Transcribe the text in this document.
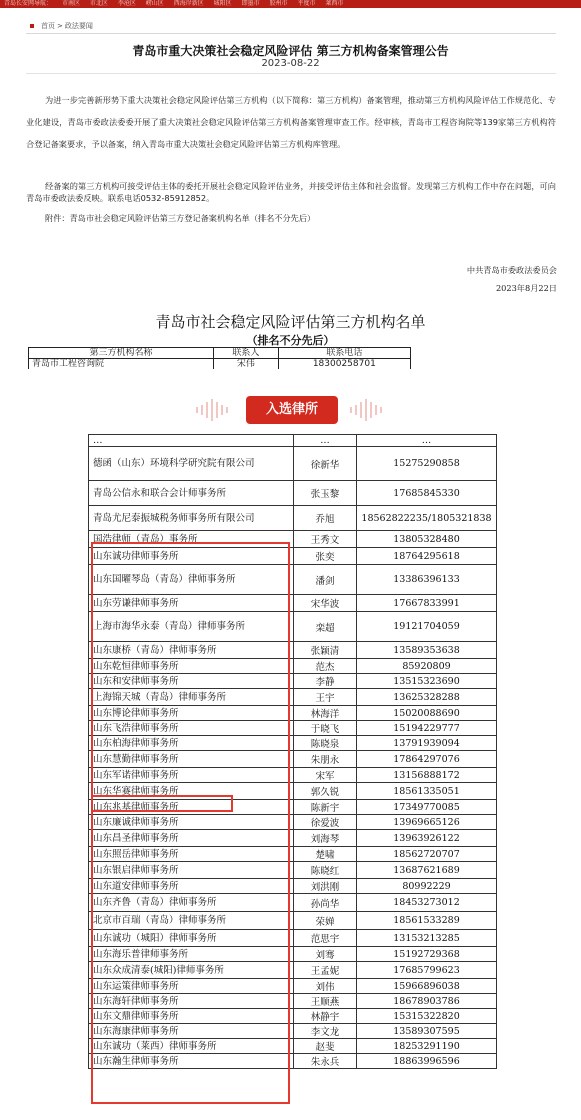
青岛长安网导航： 市南区 市北区 李沧区 崂山区 西海岸新区 城阳区 即墨市 胶州市 平度市 莱西市
首页 > 政法要闻
青岛市重大决策社会稳定风险评估 第三方机构备案管理公告
2023-08-22

为进一步完善新形势下重大决策社会稳定风险评估第三方机构（以下简称：第三方机构）备案管理，推动第三方机构风险评估工作规范化、专业化建设，青岛市委政法委委开展了重大决策社会稳定风险评估第三方机构备案管理审查工作。经审核，青岛市工程咨询院等139家第三方机构符合登记备案要求，予以备案，纳入青岛市重大决策社会稳定风险评估第三方机构库管理。

经备案的第三方机构可接受评估主体的委托开展社会稳定风险评估业务，并接受评估主体和社会监督。发现第三方机构工作中存在问题，可向青岛市委政法委反映。联系电话0532-85912852。

附件：青岛市社会稳定风险评估第三方登记备案机构名单（排名不分先后）

中共青岛市委政法委员会
2023年8月22日
青岛市社会稳定风险评估第三方机构名单
（排名不分先后）
第三方机构名称	联系人	联系电话
青岛市工程咨询院	宋伟	18300258701
入选律所
…	…	…
德函（山东）环境科学研究院有限公司	徐新华	15275290858
青岛公信永和联合会计师事务所	张玉黎	17685845330
青岛尤尼泰振城税务师事务所有限公司	乔旭	18562822235/1805321838
国浩律师（青岛）事务所	王秀文	13805328480
山东诚功律师事务所	张奕	18764295618
山东国曜琴岛（青岛）律师事务所	潘剑	13386396133
山东劳谦律师事务所	宋华波	17667833991
上海市海华永泰（青岛）律师事务所	栾超	19121704059
山东康桥（青岛）律师事务所	张颖清	13589353638
山东乾恒律师事务所	范杰	85920809
山东和安律师事务所	李静	13515323690
上海锦天城（青岛）律师事务所	王宇	13625328288
山东博论律师事务所	林海洋	15020088690
山东飞浩律师事务所	于晓飞	15194229777
山东柏海律师事务所	陈晓泉	13791939094
山东慧勤律师事务所	朱朋永	17864297076
山东军诺律师事务所	宋军	13156888172
山东华赛律师事务所	郭久锐	18561335051
山东兆基律师事务所	陈新宇	17349770085
山东廉诚律师事务所	徐爱波	13969665126
山东昌圣律师事务所	刘海琴	13963926122
山东照岳律师事务所	楚啸	18562720707
山东银启律师事务所	陈晓红	13687621689
山东道安律师事务所	刘洪刚	80992229
山东齐鲁（青岛）律师事务所	孙尚华	18453273012
北京市百瑞（青岛）律师事务所	荣婵	18561533289
山东诚功（城阳）律师事务所	范思宇	13153213285
山东海乐普律师事务所	刘骞	15192729368
山东众成清泰(城阳)律师事务所	王孟妮	17685799623
山东运策律师事务所	刘伟	15966896038
山东海轩律师事务所	王顺燕	18678903786
山东文鼎律师事务所	林静宇	15315322820
山东海康律师事务所	李文龙	13589307595
山东诚功（莱西）律师事务所	赵斐	18253291190
山东瀚生律师事务所	朱永兵	18863996596
